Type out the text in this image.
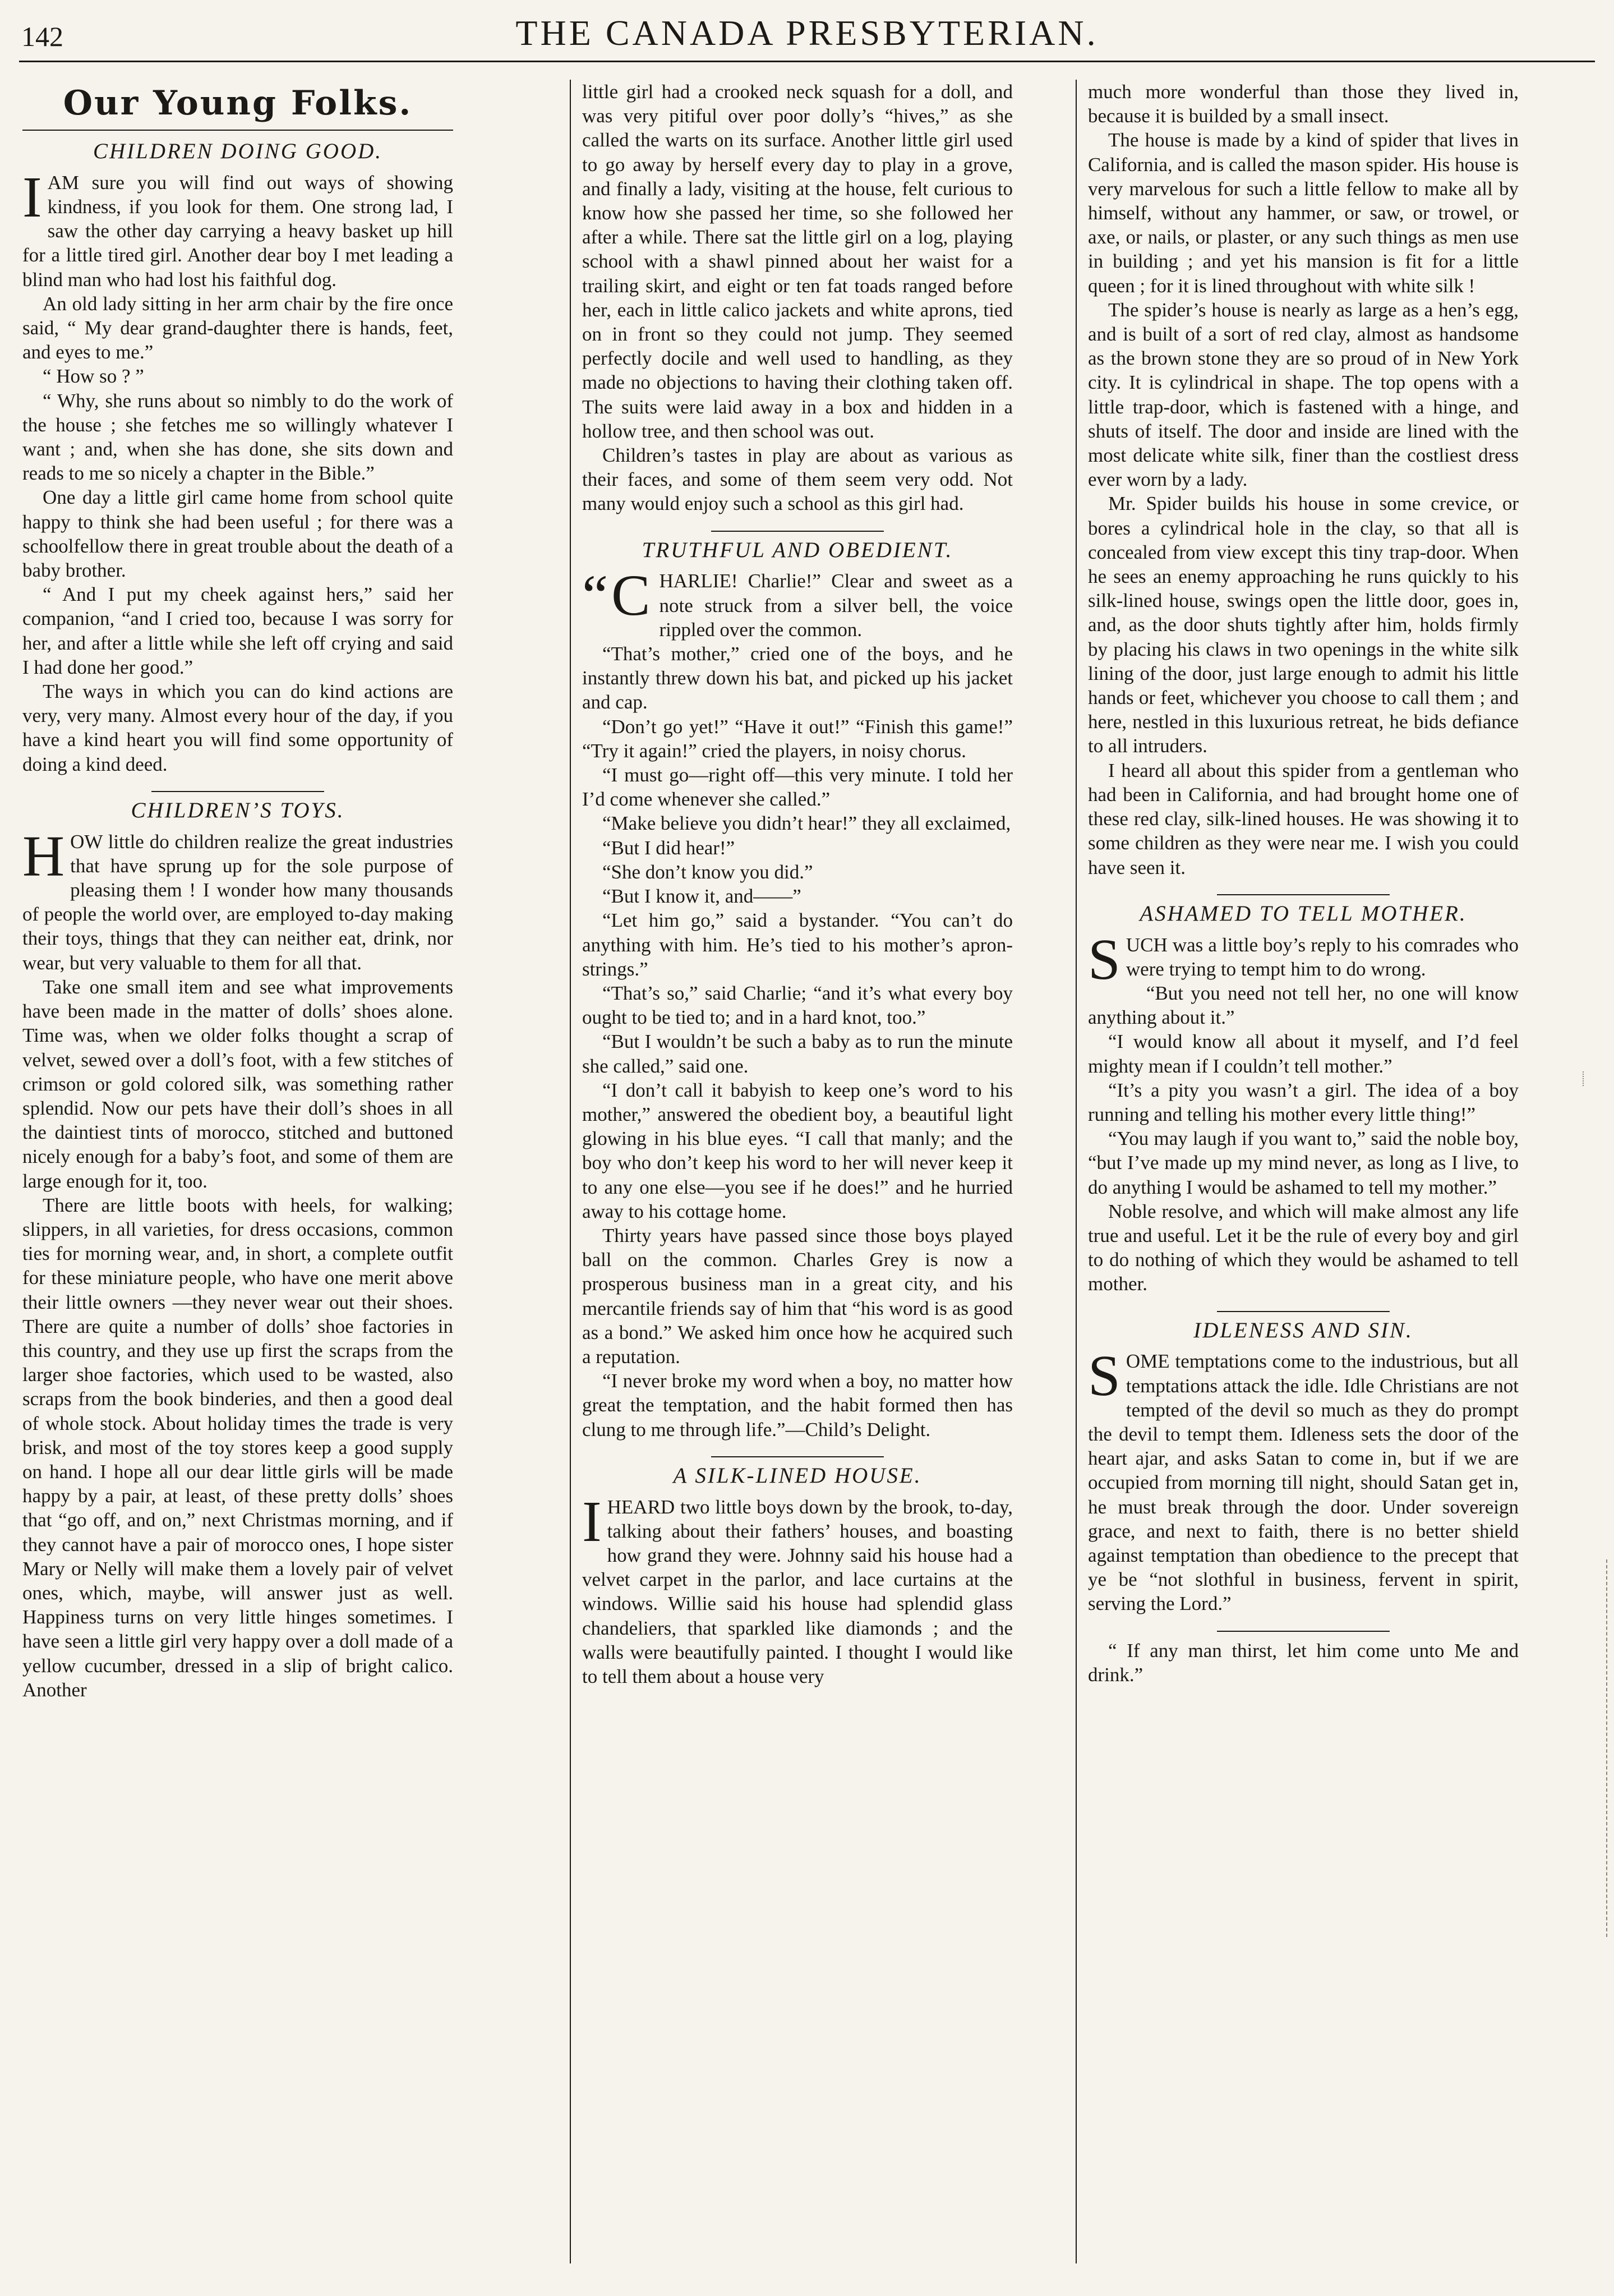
142	THE CANADA PRESBYTERIAN.
Our Young Folks.
CHILDREN DOING GOOD.

IAM sure you will find out ways of showing kindness, if you look for them. One strong lad, I saw the other day carrying a heavy basket up hill for a little tired girl. Another dear boy I met leading a blind man who had lost his faithful dog.

An old lady sitting in her arm chair by the fire once said, “ My dear grand-daughter there is hands, feet, and eyes to me.”

“ How so ? ”

“ Why, she runs about so nimbly to do the work of the house ; she fetches me so willingly whatever I want ; and, when she has done, she sits down and reads to me so nicely a chapter in the Bible.”

One day a little girl came home from school quite happy to think she had been useful ; for there was a schoolfellow there in great trouble about the death of a baby brother.

“ And I put my cheek against hers,” said her companion, “and I cried too, because I was sorry for her, and after a little while she left off crying and said I had done her good.”

The ways in which you can do kind actions are very, very many. Almost every hour of the day, if you have a kind heart you will find some opportunity of doing a kind deed.

CHILDREN’S TOYS.

HOW little do children realize the great industries that have sprung up for the sole purpose of pleasing them ! I wonder how many thousands of people the world over, are employed to-day making their toys, things that they can neither eat, drink, nor wear, but very valuable to them for all that.

Take one small item and see what improvements have been made in the matter of dolls’ shoes alone. Time was, when we older folks thought a scrap of velvet, sewed over a doll’s foot, with a few stitches of crimson or gold colored silk, was something rather splendid. Now our pets have their doll’s shoes in all the daintiest tints of morocco, stitched and buttoned nicely enough for a baby’s foot, and some of them are large enough for it, too.

There are little boots with heels, for walking; slippers, in all varieties, for dress occasions, common ties for morning wear, and, in short, a complete outfit for these miniature people, who have one merit above their little owners —they never wear out their shoes. There are quite a number of dolls’ shoe factories in this country, and they use up first the scraps from the larger shoe factories, which used to be wasted, also scraps from the book binderies, and then a good deal of whole stock. About holiday times the trade is very brisk, and most of the toy stores keep a good supply on hand. I hope all our dear little girls will be made happy by a pair, at least, of these pretty dolls’ shoes that “go off, and on,” next Christmas morning, and if they cannot have a pair of morocco ones, I hope sister Mary or Nelly will make them a lovely pair of velvet ones, which, maybe, will answer just as well. Happiness turns on very little hinges sometimes. I have seen a little girl very happy over a doll made of a yellow cucumber, dressed in a slip of bright calico. Another

little girl had a crooked neck squash for a doll, and was very pitiful over poor dolly’s “hives,” as she called the warts on its surface. Another little girl used to go away by herself every day to play in a grove, and finally a lady, visiting at the house, felt curious to know how she passed her time, so she followed her after a while. There sat the little girl on a log, playing school with a shawl pinned about her waist for a trailing skirt, and eight or ten fat toads ranged before her, each in little calico jackets and white aprons, tied on in front so they could not jump. They seemed perfectly docile and well used to handling, as they made no objections to having their clothing taken off. The suits were laid away in a box and hidden in a hollow tree, and then school was out.

Children’s tastes in play are about as various as their faces, and some of them seem very odd. Not many would enjoy such a school as this girl had.

TRUTHFUL AND OBEDIENT.

“CHARLIE! Charlie!” Clear and sweet as a note struck from a silver bell, the voice rippled over the common.

“That’s mother,” cried one of the boys, and he instantly threw down his bat, and picked up his jacket and cap.

“Don’t go yet!” “Have it out!” “Finish this game!” “Try it again!” cried the players, in noisy chorus.

“I must go—right off—this very minute. I told her I’d come whenever she called.”

“Make believe you didn’t hear!” they all exclaimed,

“But I did hear!”

“She don’t know you did.”

“But I know it, and——”

“Let him go,” said a bystander. “You can’t do anything with him. He’s tied to his mother’s apron-strings.”

“That’s so,” said Charlie; “and it’s what every boy ought to be tied to; and in a hard knot, too.”

“But I wouldn’t be such a baby as to run the minute she called,” said one.

“I don’t call it babyish to keep one’s word to his mother,” answered the obedient boy, a beautiful light glowing in his blue eyes. “I call that manly; and the boy who don’t keep his word to her will never keep it to any one else—you see if he does!” and he hurried away to his cottage home.

Thirty years have passed since those boys played ball on the common. Charles Grey is now a prosperous business man in a great city, and his mercantile friends say of him that “his word is as good as a bond.” We asked him once how he acquired such a reputation.

“I never broke my word when a boy, no matter how great the temptation, and the habit formed then has clung to me through life.”—Child’s Delight.

A SILK-LINED HOUSE.

IHEARD two little boys down by the brook, to-day, talking about their fathers’ houses, and boasting how grand they were. Johnny said his house had a velvet carpet in the parlor, and lace curtains at the windows. Willie said his house had splendid glass chandeliers, that sparkled like diamonds ; and the walls were beautifully painted. I thought I would like to tell them about a house very

much more wonderful than those they lived in, because it is builded by a small insect.

The house is made by a kind of spider that lives in California, and is called the mason spider. His house is very marvelous for such a little fellow to make all by himself, without any hammer, or saw, or trowel, or axe, or nails, or plaster, or any such things as men use in building ; and yet his mansion is fit for a little queen ; for it is lined throughout with white silk !

The spider’s house is nearly as large as a hen’s egg, and is built of a sort of red clay, almost as handsome as the brown stone they are so proud of in New York city. It is cylindrical in shape. The top opens with a little trap-door, which is fastened with a hinge, and shuts of itself. The door and inside are lined with the most delicate white silk, finer than the costliest dress ever worn by a lady.

Mr. Spider builds his house in some crevice, or bores a cylindrical hole in the clay, so that all is concealed from view except this tiny trap-door. When he sees an enemy approaching he runs quickly to his silk-lined house, swings open the little door, goes in, and, as the door shuts tightly after him, holds firmly by placing his claws in two openings in the white silk lining of the door, just large enough to admit his little hands or feet, whichever you choose to call them ; and here, nestled in this luxurious retreat, he bids defiance to all intruders.

I heard all about this spider from a gentleman who had been in California, and had brought home one of these red clay, silk-lined houses. He was showing it to some children as they were near me. I wish you could have seen it.

ASHAMED TO TELL MOTHER.

SUCH was a little boy’s reply to his comrades who were trying to tempt him to do wrong.

“But you need not tell her, no one will know anything about it.”

“I would know all about it myself, and I’d feel mighty mean if I couldn’t tell mother.”

“It’s a pity you wasn’t a girl. The idea of a boy running and telling his mother every little thing!”

“You may laugh if you want to,” said the noble boy, “but I’ve made up my mind never, as long as I live, to do anything I would be ashamed to tell my mother.”

Noble resolve, and which will make almost any life true and useful. Let it be the rule of every boy and girl to do nothing of which they would be ashamed to tell mother.

IDLENESS AND SIN.

SOME temptations come to the industrious, but all temptations attack the idle. Idle Christians are not tempted of the devil so much as they do prompt the devil to tempt them. Idleness sets the door of the heart ajar, and asks Satan to come in, but if we are occupied from morning till night, should Satan get in, he must break through the door. Under sovereign grace, and next to faith, there is no better shield against temptation than obedience to the precept that ye be “not slothful in business, fervent in spirit, serving the Lord.”

“ If any man thirst, let him come unto Me and drink.”
